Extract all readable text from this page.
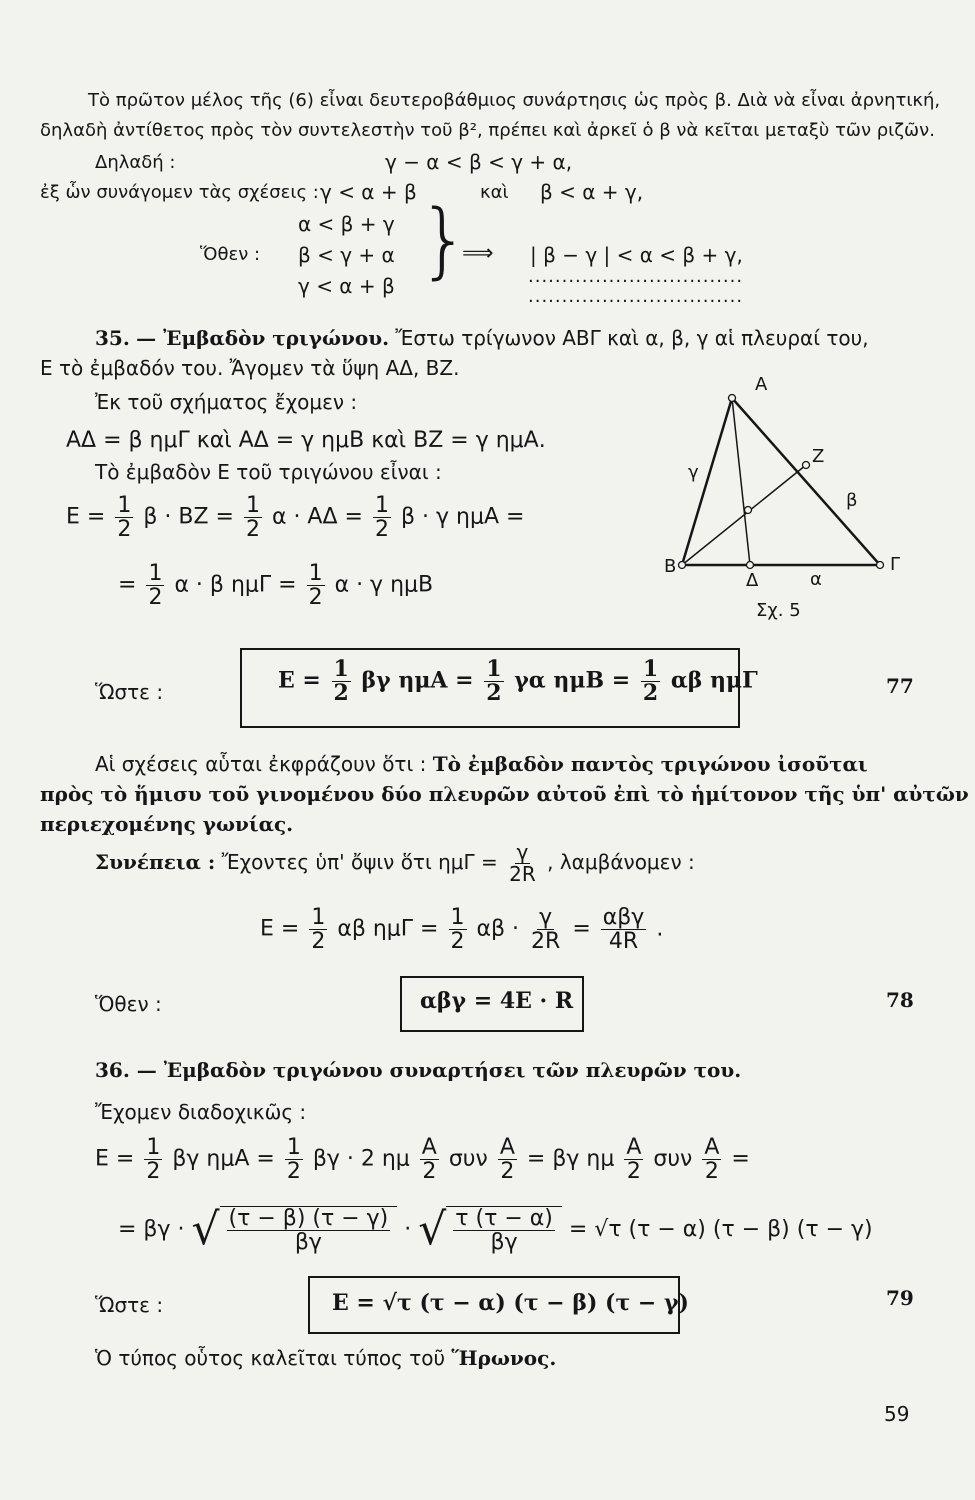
Τὸ πρῶτον μέλος τῆς (6) εἶναι δευτεροβάθμιος συνάρτησις ὡς πρὸς β. Διὰ νὰ εἶναι ἀρνητική,
δηλαδὴ ἀντίθετος πρὸς τὸν συντελεστὴν τοῦ β², πρέπει καὶ ἀρκεῖ ὁ β νὰ κεῖται μεταξὺ τῶν ριζῶν.
Δηλαδή :	γ − α < β < γ + α,
ἐξ ὧν συνάγομεν τὰς σχέσεις : γ < α + β	καὶ β < α + γ,
Ὅθεν :
α < β + γ
β < γ + α
γ < α + β }
⟹ | β − γ | < α < β + γ,
................................
................................
35. — Ἐμβαδὸν τριγώνου. Ἔστω τρίγωνον ΑΒΓ καὶ α, β, γ αἱ πλευραί του,
Ε τὸ ἐμβαδόν του. Ἄγομεν τὰ ὕψη ΑΔ, ΒΖ.
Ἐκ τοῦ σχήματος ἔχομεν :
ΑΔ = β ημΓ καὶ ΑΔ = γ ημΒ καὶ ΒΖ = γ ημΑ.
Τὸ ἐμβαδὸν Ε τοῦ τριγώνου εἶναι :
$E = \frac{1}{2}$ $\beta \cdot BZ = \frac{1}{2}$ $\alpha \cdot A\Delta = \frac{1}{2}$ β · γ ημΑ =
= $\frac{1}{2}$ α · β $\eta\mu\Gamma = \frac{1}{2}$ α · γ ημΒ
Α
Β	Γ
Δ
Ζ
α
β
γ
Σχ. 5
Ὥστε :	$E = \frac{1}{2}$ βγ $\eta\mu A = \frac{1}{2}$ γα $\eta\mu B = \frac{1}{2}$ αβ ημΓ	77
Αἱ σχέσεις αὗται ἐκφράζουν ὅτι : Τὸ ἐμβαδὸν παντὸς τριγώνου ἰσοῦται
πρὸς τὸ ἥμισυ τοῦ γινομένου δύο πλευρῶν αὐτοῦ ἐπὶ τὸ ἡμίτονον τῆς ὑπ' αὐτῶν
περιεχομένης γωνίας.
Συνέπεια : Ἔχοντες ὑπ' ὄψιν ὅτι $\eta\mu\Gamma = \frac{\gamma}{2R}$ , λαμβάνομεν :
$E = \frac{1}{2}$ αβ $\eta\mu\Gamma = \frac{1}{2}$ $\alpha\beta \cdot \frac{\gamma}{2R} = \frac{\text{αβγ}}{4R}$ .
Ὅθεν :	αβγ = 4Ε · R	78
36. — Ἐμβαδὸν τριγώνου συναρτήσει τῶν πλευρῶν του.
Ἔχομεν διαδοχικῶς :
$E = \frac{1}{2}$ βγ $\eta\mu A = \frac{1}{2}$ βγ · 2 ημ $\frac{A}{2}$ συν $\frac{A}{2} = \beta\gamma$ ημ $\frac{A}{2}$ συν $\frac{A}{2}$ =
= βγ · √ $\frac{(\tau - \beta) (\tau - \gamma)}{\beta\gamma}$ · √ $\frac{\tau (\tau - \alpha)}{\beta\gamma} = √\tau$ (τ − α) (τ − β) (τ − γ)
Ὥστε :	Ε = √τ (τ − α) (τ − β) (τ − γ)	79
Ὁ τύπος οὗτος καλεῖται τύπος τοῦ Ἥρωνος.
59
